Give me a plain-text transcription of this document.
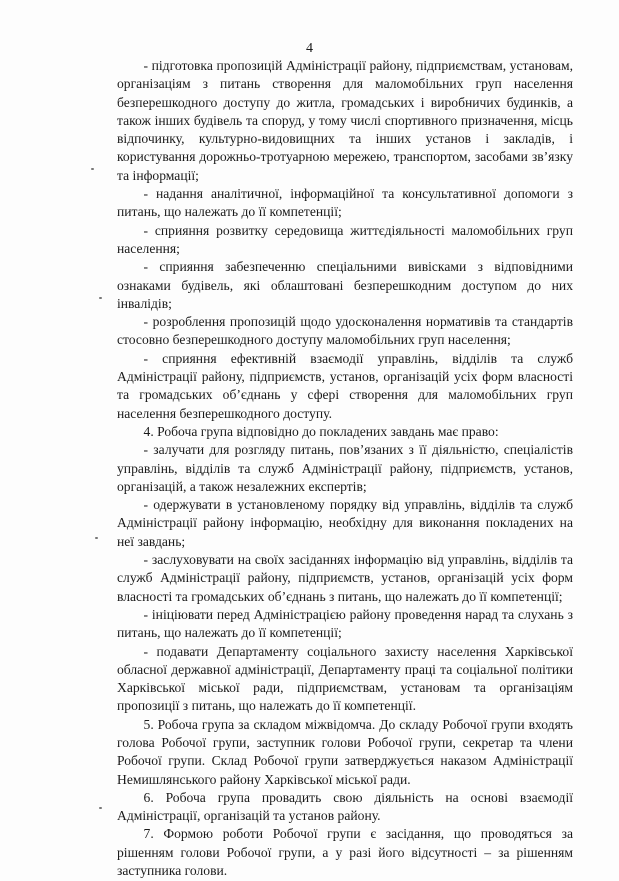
4

- підготовка пропозицій Адміністрації району, підприємствам, установам, організаціям з питань створення для маломобільних груп населення безперешкодного доступу до житла, громадських і виробничих будинків, а також інших будівель та споруд, у тому числі спортивного призначення, місць відпочинку, культурно-видовищних та інших установ і закладів, і користування дорожньо-тротуарною мережею, транспортом, засобами зв’язку та інформації;

- надання аналітичної, інформаційної та консультативної допомоги з питань, що належать до її компетенції;

- сприяння розвитку середовища життєдіяльності маломобільних груп населення;

- сприяння забезпеченню спеціальними вивісками з відповідними ознаками будівель, які облаштовані безперешкодним доступом до них інвалідів;

- розроблення пропозицій щодо удосконалення нормативів та стандартів стосовно безперешкодного доступу маломобільних груп населення;

- сприяння ефективній взаємодії управлінь, відділів та служб Адміністрації району, підприємств, установ, організацій усіх форм власності та громадських об’єднань у сфері створення для маломобільних груп населення безперешкодного доступу.

4. Робоча група відповідно до покладених завдань має право:

- залучати для розгляду питань, пов’язаних з її діяльністю, спеціалістів управлінь, відділів та служб Адміністрації району, підприємств, установ, організацій, а також незалежних експертів;

- одержувати в установленому порядку від управлінь, відділів та служб Адміністрації району інформацію, необхідну для виконання покладених на неї завдань;

- заслуховувати на своїх засіданнях інформацію від управлінь, відділів та служб Адміністрації району, підприємств, установ, організацій усіх форм власності та громадських об’єднань з питань, що належать до її компетенції;

- ініціювати перед Адміністрацією району проведення нарад та слухань з питань, що належать до її компетенції;

- подавати Департаменту соціального захисту населення Харківської обласної державної адміністрації, Департаменту праці та соціальної політики Харківської міської ради, підприємствам, установам та організаціям пропозиції з питань, що належать до її компетенції.

5. Робоча група за складом міжвідомча. До складу Робочої групи входять голова Робочої групи, заступник голови Робочої групи, секретар та члени Робочої групи. Склад Робочої групи затверджується наказом Адміністрації Немишлянського району Харківської міської ради.

6. Робоча група провадить свою діяльність на основі взаємодії Адміністрації, організацій та установ району.

7. Формою роботи Робочої групи є засідання, що проводяться за рішенням голови Робочої групи, а у разі його відсутності – за рішенням заступника голови.
